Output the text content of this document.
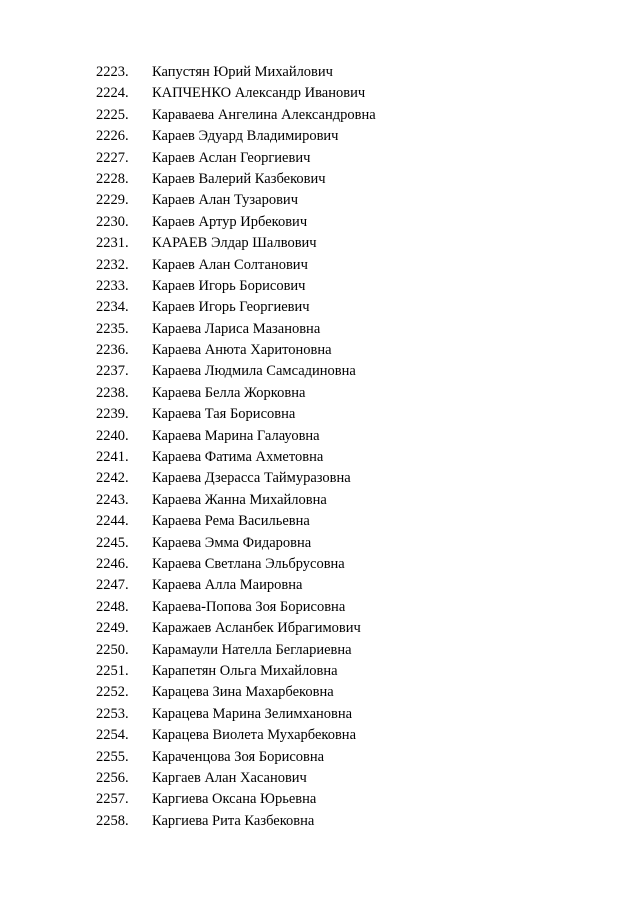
2223.	Капустян Юрий Михайлович
2224.	КАПЧЕНКО Александр Иванович
2225.	Караваева Ангелина Александровна
2226.	Караев Эдуард Владимирович
2227.	Караев Аслан Георгиевич
2228.	Караев Валерий Казбекович
2229.	Караев Алан Тузарович
2230.	Караев Артур Ирбекович
2231.	КАРАЕВ Элдар Шалвович
2232.	Караев Алан Солтанович
2233.	Караев Игорь Борисович
2234.	Караев Игорь Георгиевич
2235.	Караева Лариса Мазановна
2236.	Караева Анюта Харитоновна
2237.	Караева Людмила Самсадиновна
2238.	Караева Белла Жорковна
2239.	Караева Тая Борисовна
2240.	Караева Марина Галауовна
2241.	Караева Фатима Ахметовна
2242.	Караева Дзерасса Таймуразовна
2243.	Караева Жанна Михайловна
2244.	Караева Рема Васильевна
2245.	Караева Эмма Фидаровна
2246.	Караева Светлана Эльбрусовна
2247.	Караева Алла Маировна
2248.	Караева-Попова Зоя Борисовна
2249.	Каражаев Асланбек Ибрагимович
2250.	Карамаули Нателла Беглариевна
2251.	Карапетян Ольга Михайловна
2252.	Карацева Зина Махарбековна
2253.	Карацева Марина Зелимхановна
2254.	Карацева Виолета Мухарбековна
2255.	Караченцова Зоя Борисовна
2256.	Каргаев Алан Хасанович
2257.	Каргиева Оксана Юрьевна
2258.	Каргиева Рита Казбековна
